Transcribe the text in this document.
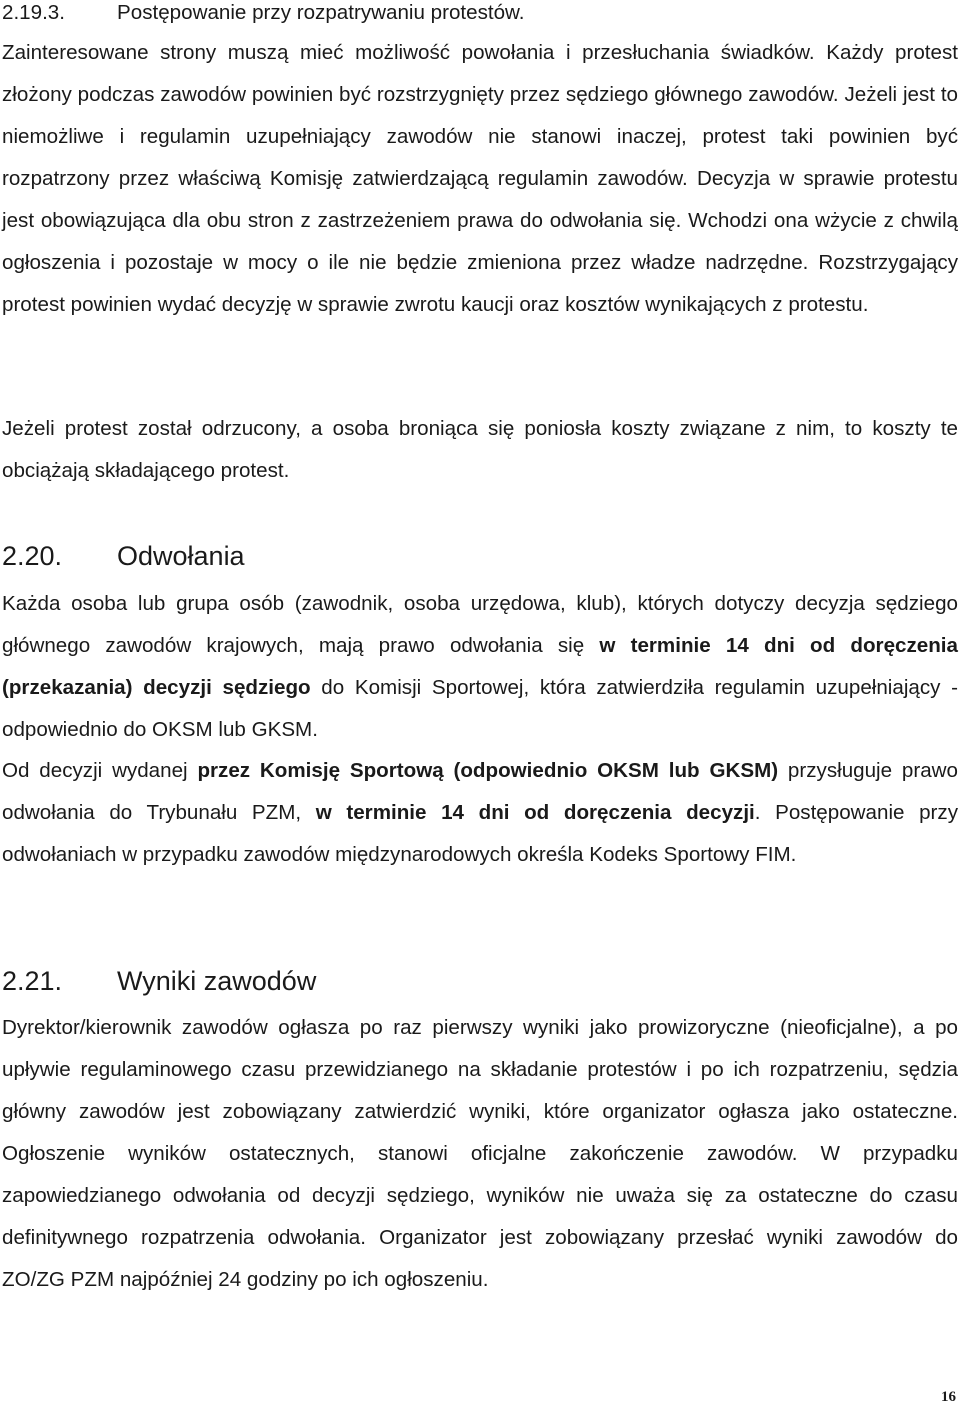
2.19.3.	Postępowanie przy rozpatrywaniu protestów.

Zainteresowane strony muszą mieć możliwość powołania i przesłuchania świadków. Każdy protest złożony podczas zawodów powinien być rozstrzygnięty przez sędziego głównego zawodów. Jeżeli jest to niemożliwe i regulamin uzupełniający zawodów nie stanowi inaczej, protest taki powinien być rozpatrzony przez właściwą Komisję zatwierdzającą regulamin zawodów. Decyzja w sprawie protestu jest obowiązująca dla obu stron z zastrzeżeniem prawa do odwołania się. Wchodzi ona wżycie z chwilą ogłoszenia i pozostaje w mocy o ile nie będzie zmieniona przez władze nadrzędne. Rozstrzygający protest powinien wydać decyzję w sprawie zwrotu kaucji oraz kosztów wynikających z protestu.

Jeżeli protest został odrzucony, a osoba broniąca się poniosła koszty związane z nim, to koszty te obciążają składającego protest.

2.20.	Odwołania

Każda osoba lub grupa osób (zawodnik, osoba urzędowa, klub), których dotyczy decyzja sędziego głównego zawodów krajowych, mają prawo odwołania się w terminie 14 dni od doręczenia (przekazania) decyzji sędziego do Komisji Sportowej, która zatwierdziła regulamin uzupełniający - odpowiednio do OKSM lub GKSM.

Od decyzji wydanej przez Komisję Sportową (odpowiednio OKSM lub GKSM) przysługuje prawo odwołania do Trybunału PZM, w terminie 14 dni od doręczenia decyzji. Postępowanie przy odwołaniach w przypadku zawodów międzynarodowych określa Kodeks Sportowy FIM.

2.21.	Wyniki zawodów

Dyrektor/kierownik zawodów ogłasza po raz pierwszy wyniki jako prowizoryczne (nieoficjalne), a po upływie regulaminowego czasu przewidzianego na składanie protestów i po ich rozpatrzeniu, sędzia główny zawodów jest zobowiązany zatwierdzić wyniki, które organizator ogłasza jako ostateczne. Ogłoszenie wyników ostatecznych, stanowi oficjalne zakończenie zawodów. W przypadku zapowiedzianego odwołania od decyzji sędziego, wyników nie uważa się za ostateczne do czasu definitywnego rozpatrzenia odwołania. Organizator jest zobowiązany przesłać wyniki zawodów do ZO/ZG PZM najpóźniej 24 godziny po ich ogłoszeniu.

16
